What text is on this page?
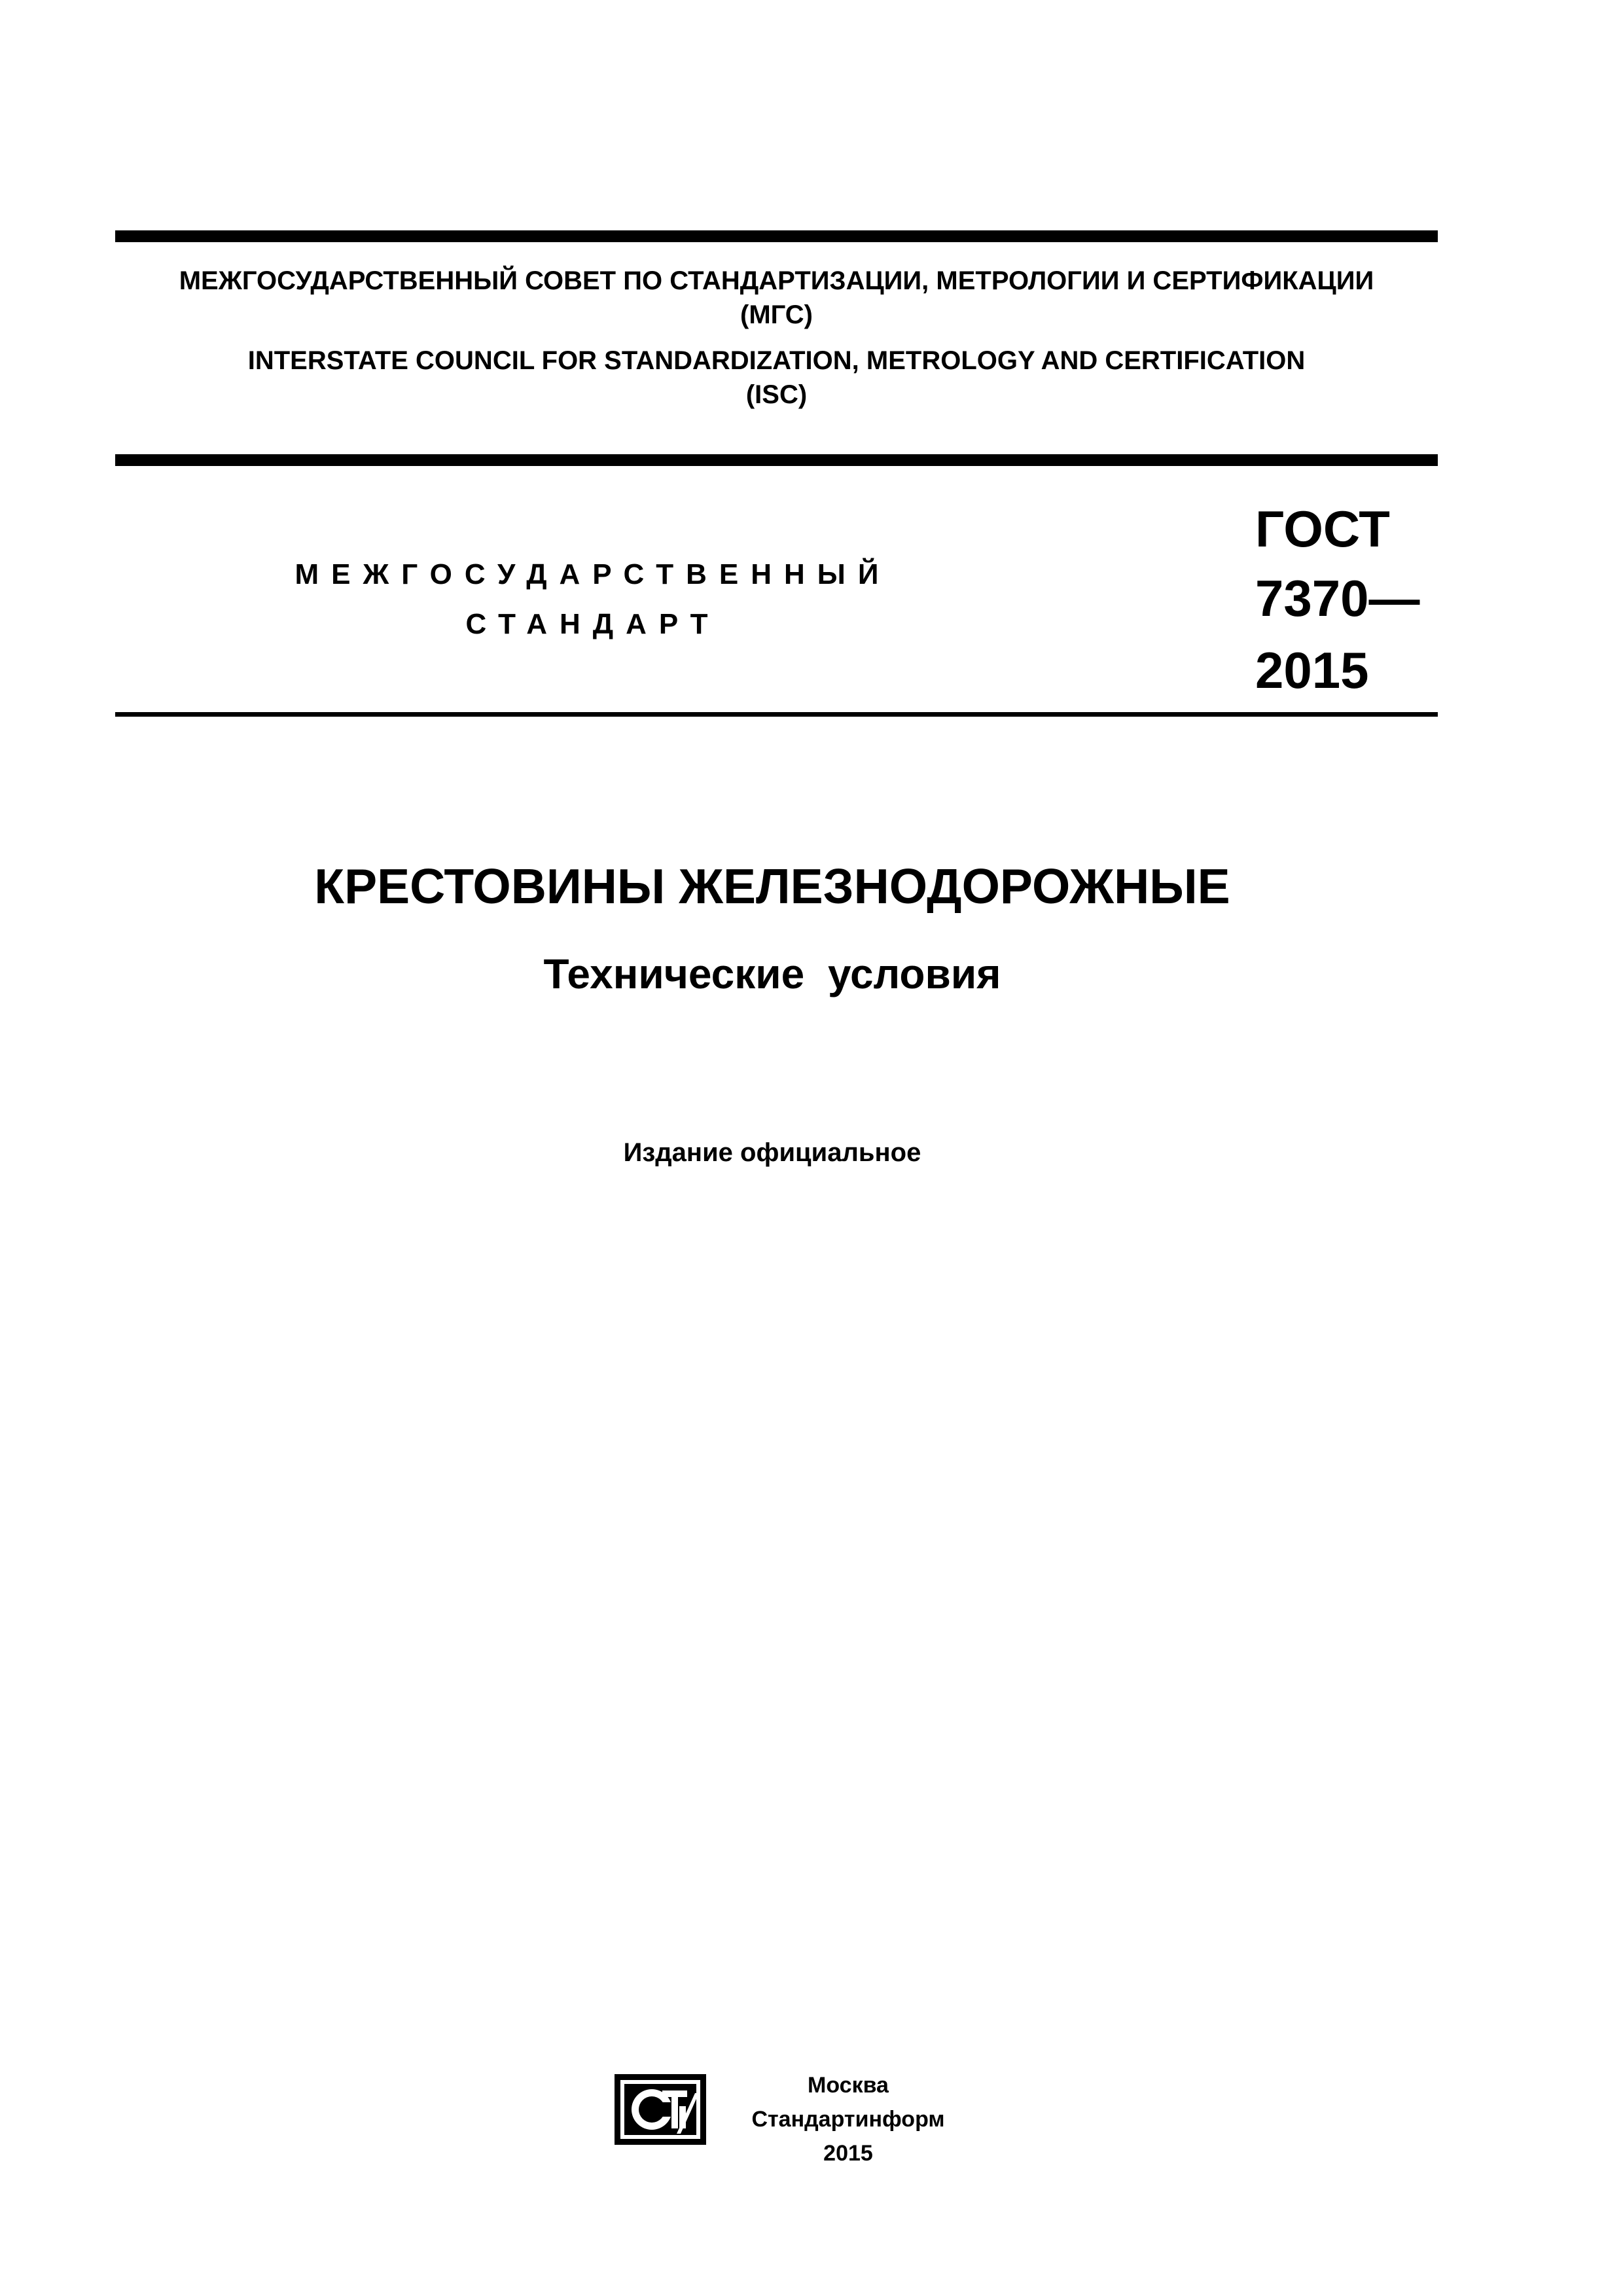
МЕЖГОСУДАРСТВЕННЫЙ СОВЕТ ПО СТАНДАРТИЗАЦИИ, МЕТРОЛОГИИ И СЕРТИФИКАЦИИ
(МГС)
INTERSTATE COUNCIL FOR STANDARDIZATION, METROLOGY AND CERTIFICATION
(ISC)
МЕЖГОСУДАРСТВЕННЫЙ
СТАНДАРТ
ГОСТ
7370—
2015
КРЕСТОВИНЫ ЖЕЛЕЗНОДОРОЖНЫЕ
Технические условия
Издание официальное
Москва
Стандартинформ
2015
